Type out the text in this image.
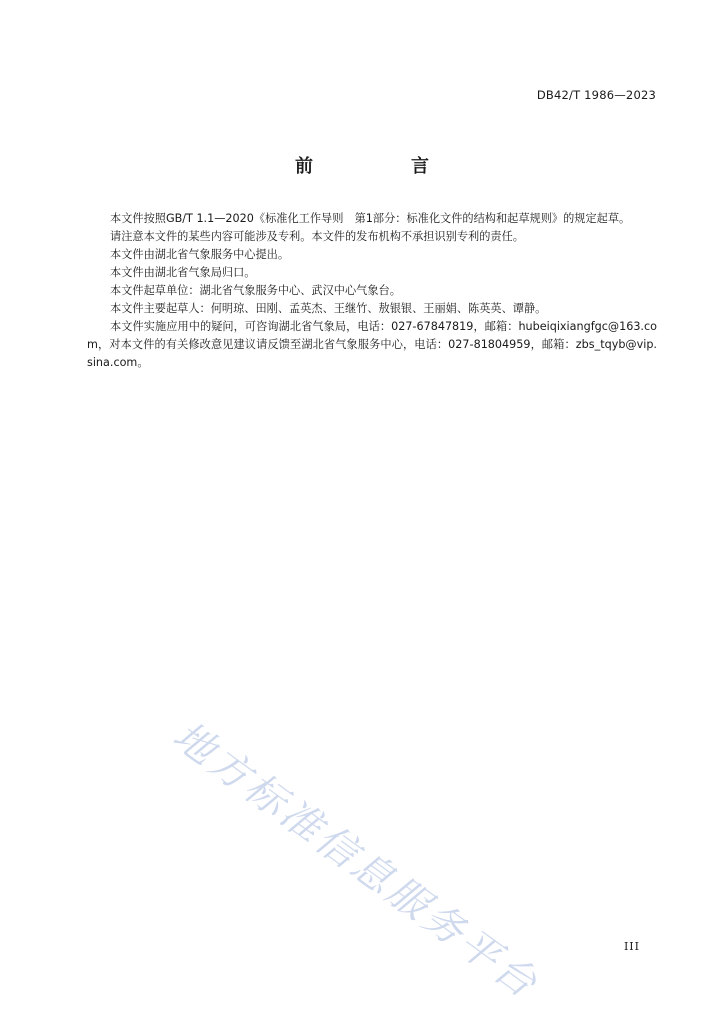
DB42/T 1986—2023
前　言

本文件按照GB/T 1.1—2020《标准化工作导则　第1部分：标准化文件的结构和起草规则》的规定起草。

请注意本文件的某些内容可能涉及专利。本文件的发布机构不承担识别专利的责任。

本文件由湖北省气象服务中心提出。

本文件由湖北省气象局归口。

本文件起草单位：湖北省气象服务中心、武汉中心气象台。

本文件主要起草人：何明琼、田刚、孟英杰、王继竹、敖银银、王丽娟、陈英英、谭静。

本文件实施应用中的疑问，可咨询湖北省气象局，电话：027-67847819，邮箱：hubeiqixiangfgc@163.com，对本文件的有关修改意见建议请反馈至湖北省气象服务中心，电话：027-81804959，邮箱：zbs_tqyb@vip.sina.com。

地方标准信息服务平台	III
